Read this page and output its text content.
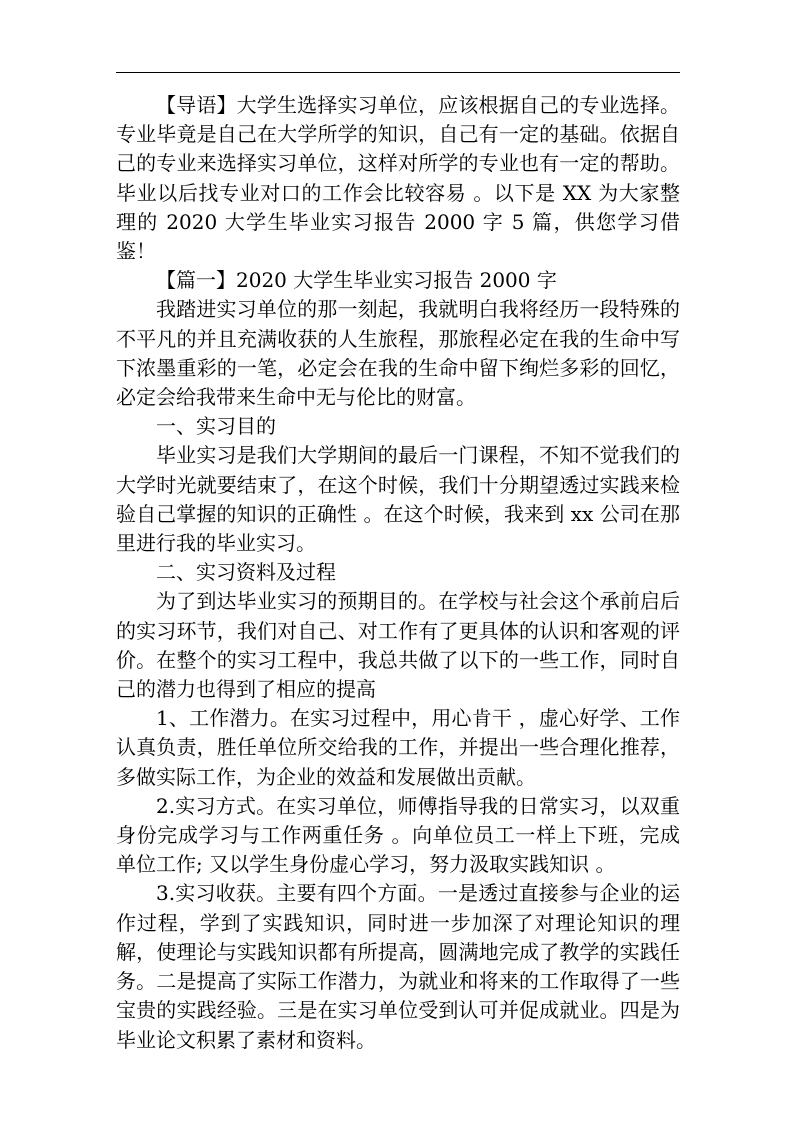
【导语】大学生选择实习单位，应该根据自己的专业选择。专业毕竟是自己在大学所学的知识，自己有一定的基础。依据自己的专业来选择实习单位，这样对所学的专业也有一定的帮助。毕业以后找专业对口的工作会比较容易 。以下是 XX 为大家整理的 2020 大学生毕业实习报告 2000 字 5 篇，供您学习借鉴！

【篇一】2020 大学生毕业实习报告 2000 字

我踏进实习单位的那一刻起，我就明白我将经历一段特殊的不平凡的并且充满收获的人生旅程，那旅程必定在我的生命中写下浓墨重彩的一笔，必定会在我的生命中留下绚烂多彩的回忆，必定会给我带来生命中无与伦比的财富。

一、实习目的

毕业实习是我们大学期间的最后一门课程，不知不觉我们的大学时光就要结束了，在这个时候，我们十分期望透过实践来检验自己掌握的知识的正确性 。在这个时候，我来到 xx 公司在那里进行我的毕业实习。

二、实习资料及过程

为了到达毕业实习的预期目的。在学校与社会这个承前启后的实习环节，我们对自己、对工作有了更具体的认识和客观的评价。在整个的实习工程中，我总共做了以下的一些工作，同时自己的潜力也得到了相应的提高

1、工作潜力。在实习过程中，用心肯干 ，虚心好学、工作认真负责，胜任单位所交给我的工作，并提出一些合理化推荐，多做实际工作，为企业的效益和发展做出贡献。

2.实习方式。在实习单位，师傅指导我的日常实习，以双重身份完成学习与工作两重任务 。向单位员工一样上下班，完成单位工作; 又以学生身份虚心学习，努力汲取实践知识 。

3.实习收获。主要有四个方面。一是透过直接参与企业的运作过程，学到了实践知识，同时进一步加深了对理论知识的理解，使理论与实践知识都有所提高，圆满地完成了教学的实践任务。二是提高了实际工作潜力，为就业和将来的工作取得了一些宝贵的实践经验。三是在实习单位受到认可并促成就业。四是为毕业论文积累了素材和资料。
